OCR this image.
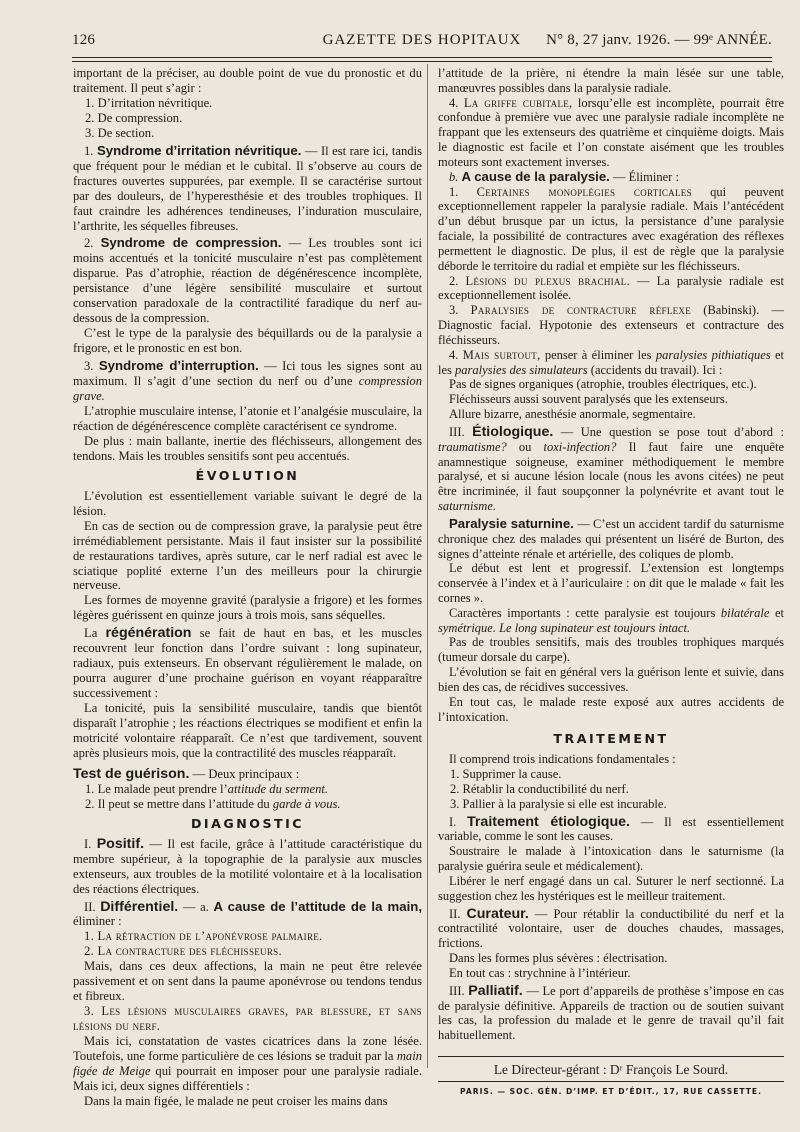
126	GAZETTE DES HOPITAUX	N° 8, 27 janv. 1926. — 99ᵉ ANNÉE.

important de la préciser, au double point de vue du pronostic et du traitement. Il peut s’agir :

1. D’irritation névritique.

2. De compression.

3. De section.

1. Syndrome d’irritation névritique. — Il est rare ici, tandis que fréquent pour le médian et le cubital. Il s’observe au cours de fractures ouvertes suppurées, par exemple. Il se caractérise surtout par des douleurs, de l’hyperesthésie et des troubles trophiques. Il faut craindre les adhérences tendineuses, l’induration musculaire, l’arthrite, les séquelles fibreuses.

2. Syndrome de compression. — Les troubles sont ici moins accentués et la tonicité musculaire n’est pas complètement disparue. Pas d’atrophie, réaction de dégénérescence incomplète, persistance d’une légère sensibilité musculaire et surtout conservation paradoxale de la contractilité faradique du nerf au-dessous de la compression.

C’est le type de la paralysie des béquillards ou de la paralysie a frigore, et le pronostic en est bon.

3. Syndrome d’interruption. — Ici tous les signes sont au maximum. Il s’agit d’une section du nerf ou d’une compression grave.

L’atrophie musculaire intense, l’atonie et l’analgésie musculaire, la réaction de dégénérescence complète caractérisent ce syndrome.

De plus : main ballante, inertie des fléchisseurs, allongement des tendons. Mais les troubles sensitifs sont peu accentués.

ÉVOLUTION

L’évolution est essentiellement variable suivant le degré de la lésion.

En cas de section ou de compression grave, la paralysie peut être irrémédiablement persistante. Mais il faut insister sur la possibilité de restaurations tardives, après suture, car le nerf radial est avec le sciatique poplité externe l’un des meilleurs pour la chirurgie nerveuse.

Les formes de moyenne gravité (paralysie a frigore) et les formes légères guérissent en quinze jours à trois mois, sans séquelles.

La régénération se fait de haut en bas, et les muscles recouvrent leur fonction dans l’ordre suivant : long supinateur, radiaux, puis extenseurs. En observant régulièrement le malade, on pourra augurer d’une prochaine guérison en voyant réapparaître successivement :

La tonicité, puis la sensibilité musculaire, tandis que bientôt disparaît l’atrophie ; les réactions électriques se modifient et enfin la motricité volontaire réapparaît. Ce n’est que tardivement, souvent après plusieurs mois, que la contractilité des muscles réapparaît.

Test de guérison. — Deux principaux :

1. Le malade peut prendre l’attitude du serment.

2. Il peut se mettre dans l’attitude du garde à vous.

DIAGNOSTIC

I. Positif. — Il est facile, grâce à l’attitude caractéristique du membre supérieur, à la topographie de la paralysie aux muscles extenseurs, aux troubles de la motilité volontaire et à la localisation des réactions électriques.

II. Différentiel. — a. A cause de l’attitude de la main, éliminer :

1. La rétraction de l’aponévrose palmaire.

2. La contracture des fléchisseurs.

Mais, dans ces deux affections, la main ne peut être relevée passivement et on sent dans la paume aponévrose ou tendons tendus et fibreux.

3. Les lésions musculaires graves, par blessure, et sans lésions du nerf.

Mais ici, constatation de vastes cicatrices dans la zone lésée. Toutefois, une forme particulière de ces lésions se traduit par la main figée de Meige qui pourrait en imposer pour une paralysie radiale. Mais ici, deux signes différentiels :

Dans la main figée, le malade ne peut croiser les mains dans

l’attitude de la prière, ni étendre la main lésée sur une table, manœuvres possibles dans la paralysie radiale.

4. La griffe cubitale, lorsqu’elle est incomplète, pourrait être confondue à première vue avec une paralysie radiale incomplète ne frappant que les extenseurs des quatrième et cinquième doigts. Mais le diagnostic est facile et l’on constate aisément que les troubles moteurs sont exactement inverses.

b. A cause de la paralysie. — Éliminer :

1. Certaines monoplégies corticales qui peuvent exceptionnellement rappeler la paralysie radiale. Mais l’antécédent d’un début brusque par un ictus, la persistance d’une paralysie faciale, la possibilité de contractures avec exagération des réflexes permettent le diagnostic. De plus, il est de règle que la paralysie déborde le territoire du radial et empiète sur les fléchisseurs.

2. Lésions du plexus brachial. — La paralysie radiale est exceptionnellement isolée.

3. Paralysies de contracture réflexe (Babinski). — Diagnostic facial. Hypotonie des extenseurs et contracture des fléchisseurs.

4. Mais surtout, penser à éliminer les paralysies pithiatiques et les paralysies des simulateurs (accidents du travail). Ici :

Pas de signes organiques (atrophie, troubles électriques, etc.).

Fléchisseurs aussi souvent paralysés que les extenseurs.

Allure bizarre, anesthésie anormale, segmentaire.

III. Étiologique. — Une question se pose tout d’abord : traumatisme? ou toxi-infection? Il faut faire une enquête anamnestique soigneuse, examiner méthodiquement le membre paralysé, et si aucune lésion locale (nous les avons citées) ne peut être incriminée, il faut soupçonner la polynévrite et avant tout le saturnisme.

Paralysie saturnine. — C’est un accident tardif du saturnisme chronique chez des malades qui présentent un liséré de Burton, des signes d’atteinte rénale et artérielle, des coliques de plomb.

Le début est lent et progressif. L’extension est longtemps conservée à l’index et à l’auriculaire : on dit que le malade « fait les cornes ».

Caractères importants : cette paralysie est toujours bilatérale et symétrique. Le long supinateur est toujours intact.

Pas de troubles sensitifs, mais des troubles trophiques marqués (tumeur dorsale du carpe).

L’évolution se fait en général vers la guérison lente et suivie, dans bien des cas, de récidives successives.

En tout cas, le malade reste exposé aux autres accidents de l’intoxication.

TRAITEMENT

Il comprend trois indications fondamentales :

1. Supprimer la cause.

2. Rétablir la conductibilité du nerf.

3. Pallier à la paralysie si elle est incurable.

I. Traitement étiologique. — Il est essentiellement variable, comme le sont les causes.

Soustraire le malade à l’intoxication dans le saturnisme (la paralysie guérira seule et médicalement).

Libérer le nerf engagé dans un cal. Suturer le nerf sectionné. La suggestion chez les hystériques est le meilleur traitement.

II. Curateur. — Pour rétablir la conductibilité du nerf et la contractilité volontaire, user de douches chaudes, massages, frictions.

Dans les formes plus sévères : électrisation.

En tout cas : strychnine à l’intérieur.

III. Palliatif. — Le port d’appareils de prothèse s’impose en cas de paralysie définitive. Appareils de traction ou de soutien suivant les cas, la profession du malade et le genre de travail qu’il fait habituellement.

Le Directeur-gérant : Dʳ François Le Sourd.
PARIS. — SOC. GÉN. D’IMP. ET D’ÉDIT., 17, RUE CASSETTE.
